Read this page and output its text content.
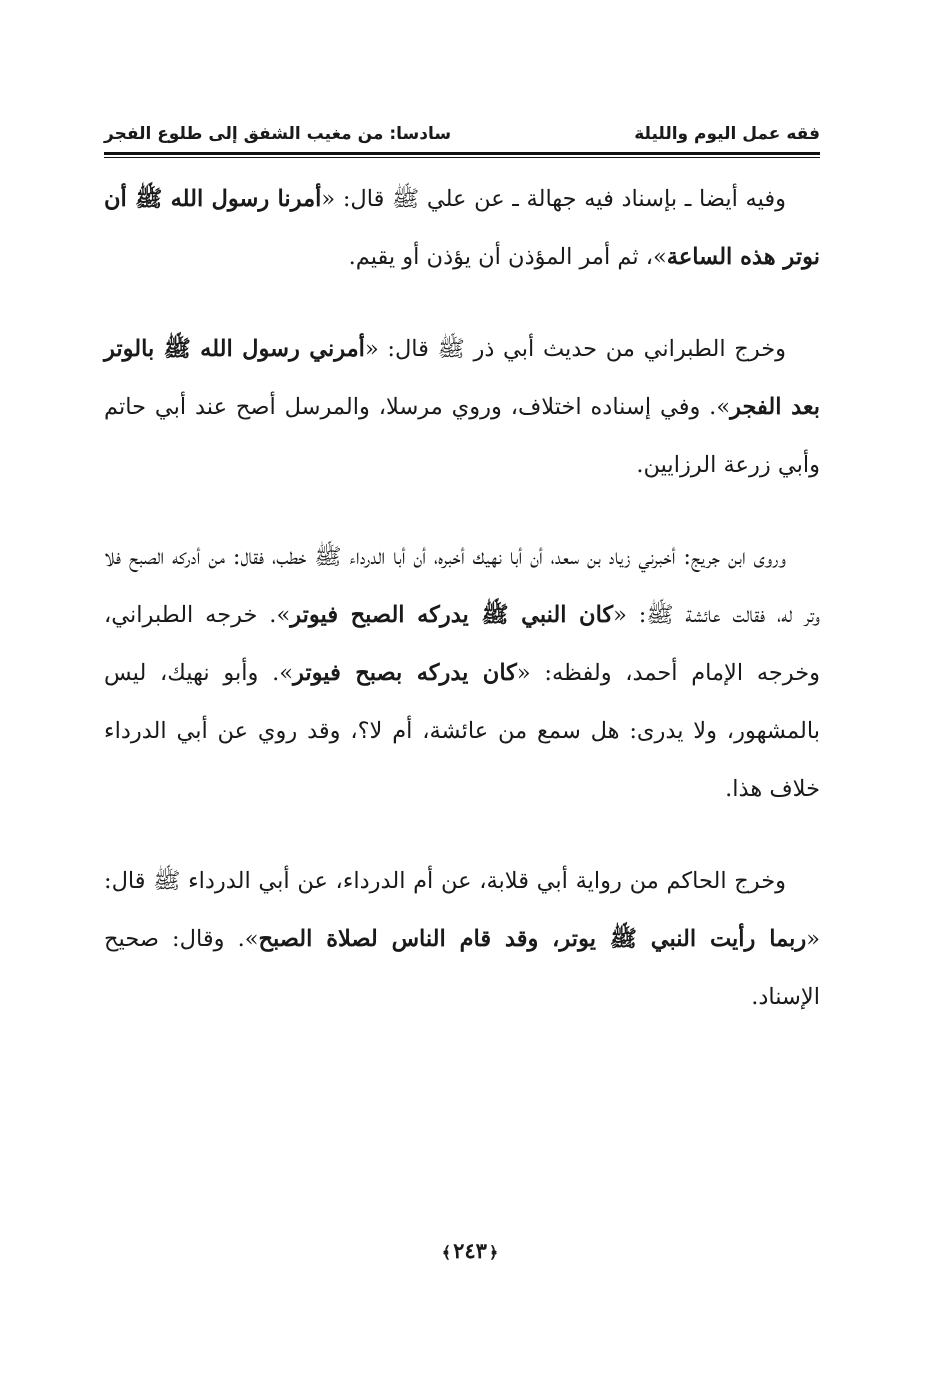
فقه عمل اليوم والليلة
سادسا: من مغيب الشفق إلى طلوع الفجر

وفيه أيضا ـ بإسناد فيه جهالة ـ عن علي ﷺ قال: «أمرنا رسول الله ﷺ أن نوتر هذه الساعة»، ثم أمر المؤذن أن يؤذن أو يقيم.

وخرج الطبراني من حديث أبي ذر ﷺ قال: «أمرني رسول الله ﷺ بالوتر بعد الفجر». وفي إسناده اختلاف، وروي مرسلا، والمرسل أصح عند أبي حاتم وأبي زرعة الرزايين.

وروى ابن جريج: أخبرني زياد بن سعد، أن أبا نهيك أخبره، أن أبا الدرداء ﷺ خطب، فقال: من أدركه الصبح فلا وتر له، فقالت عائشة ﷺ: «كان النبي ﷺ يدركه الصبح فيوتر». خرجه الطبراني، وخرجه الإمام أحمد، ولفظه: «كان يدركه بصبح فيوتر». وأبو نهيك، ليس بالمشهور، ولا يدرى: هل سمع من عائشة، أم لا؟، وقد روي عن أبي الدرداء خلاف هذا.

وخرج الحاكم من رواية أبي قلابة، عن أم الدرداء، عن أبي الدرداء ﷺ قال: «ربما رأيت النبي ﷺ يوتر، وقد قام الناس لصلاة الصبح». وقال: صحيح الإسناد.

﴿٢٤٣﴾
